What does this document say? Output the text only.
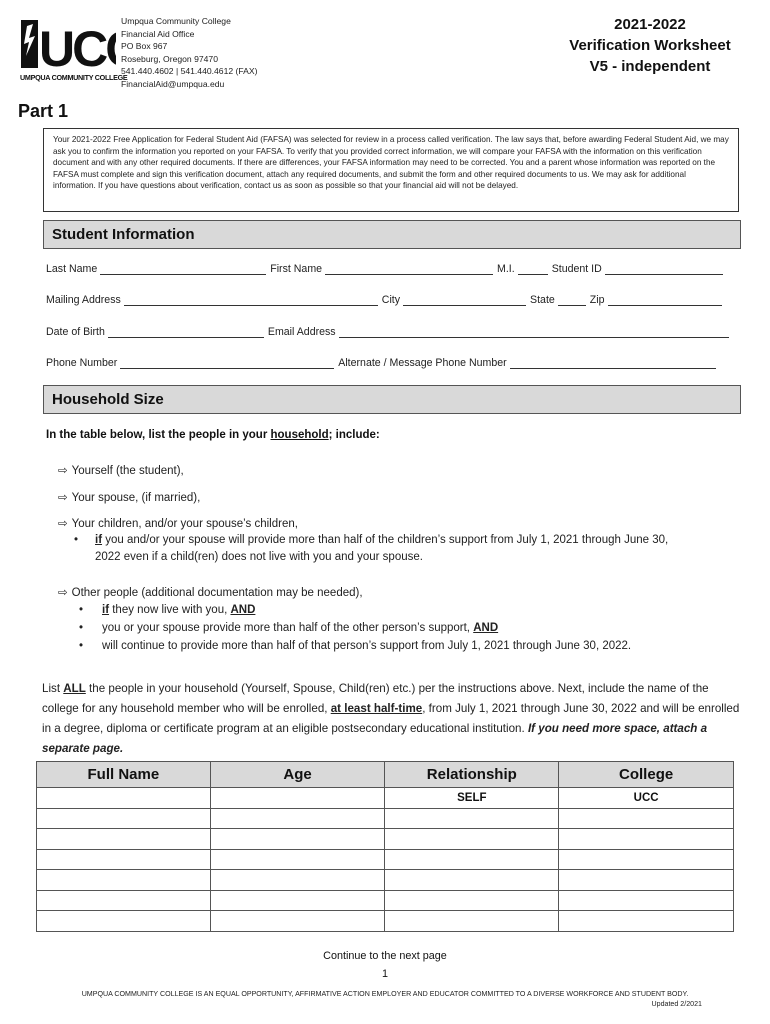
UC
UMPQUA COMMUNITY COLLEGE
Umpqua Community College
Financial Aid Office
PO Box 967
Roseburg, Oregon 97470
541.440.4602 | 541.440.4612 (FAX)
FinancialAid@umpqua.edu
2021-2022
Verification Worksheet
V5 - independent
Part 1
Your 2021-2022 Free Application for Federal Student Aid (FAFSA) was selected for review in a process called verification. The law says that, before awarding Federal Student Aid, we may ask you to confirm the information you reported on your FAFSA. To verify that you provided correct information, we will compare your FAFSA with the information on this verification document and with any other required documents. If there are differences, your FAFSA information may need to be corrected. You and a parent whose information was reported on the FAFSA must complete and sign this verification document, attach any required documents, and submit the form and other required documents to us. We may ask for additional information. If you have questions about verification, contact us as soon as possible so that your financial aid will not be delayed.
Student Information
Last Name	First Name	M.I.	Student ID
Mailing Address	City	State	Zip
Date of Birth	Email Address
Phone Number	Alternate / Message Phone Number
Household Size
In the table below, list the people in your household; include:
⇨ Yourself (the student),
⇨ Your spouse, (if married),
⇨ Your children, and/or your spouse’s children,
• if you and/or your spouse will provide more than half of the children’s support from July 1, 2021 through June 30,
2022 even if a child(ren) does not live with you and your spouse.
⇨ Other people (additional documentation may be needed),
• if they now live with you, AND
• you or your spouse provide more than half of the other person’s support, AND
• will continue to provide more than half of that person’s support from July 1, 2021 through June 30, 2022.
List ALL the people in your household (Yourself, Spouse, Child(ren) etc.) per the instructions above. Next, include the name of the college for any household member who will be enrolled, at least half-time, from July 1, 2021 through June 30, 2022 and will be enrolled in a degree, diploma or certificate program at an eligible postsecondary educational institution. If you need more space, attach a separate page.
Full Name	Age	Relationship	College
		SELF	UCC

Continue to the next page
1
UMPQUA COMMUNITY COLLEGE IS AN EQUAL OPPORTUNITY, AFFIRMATIVE ACTION EMPLOYER AND EDUCATOR COMMITTED TO A DIVERSE WORKFORCE AND STUDENT BODY.
Updated 2/2021
